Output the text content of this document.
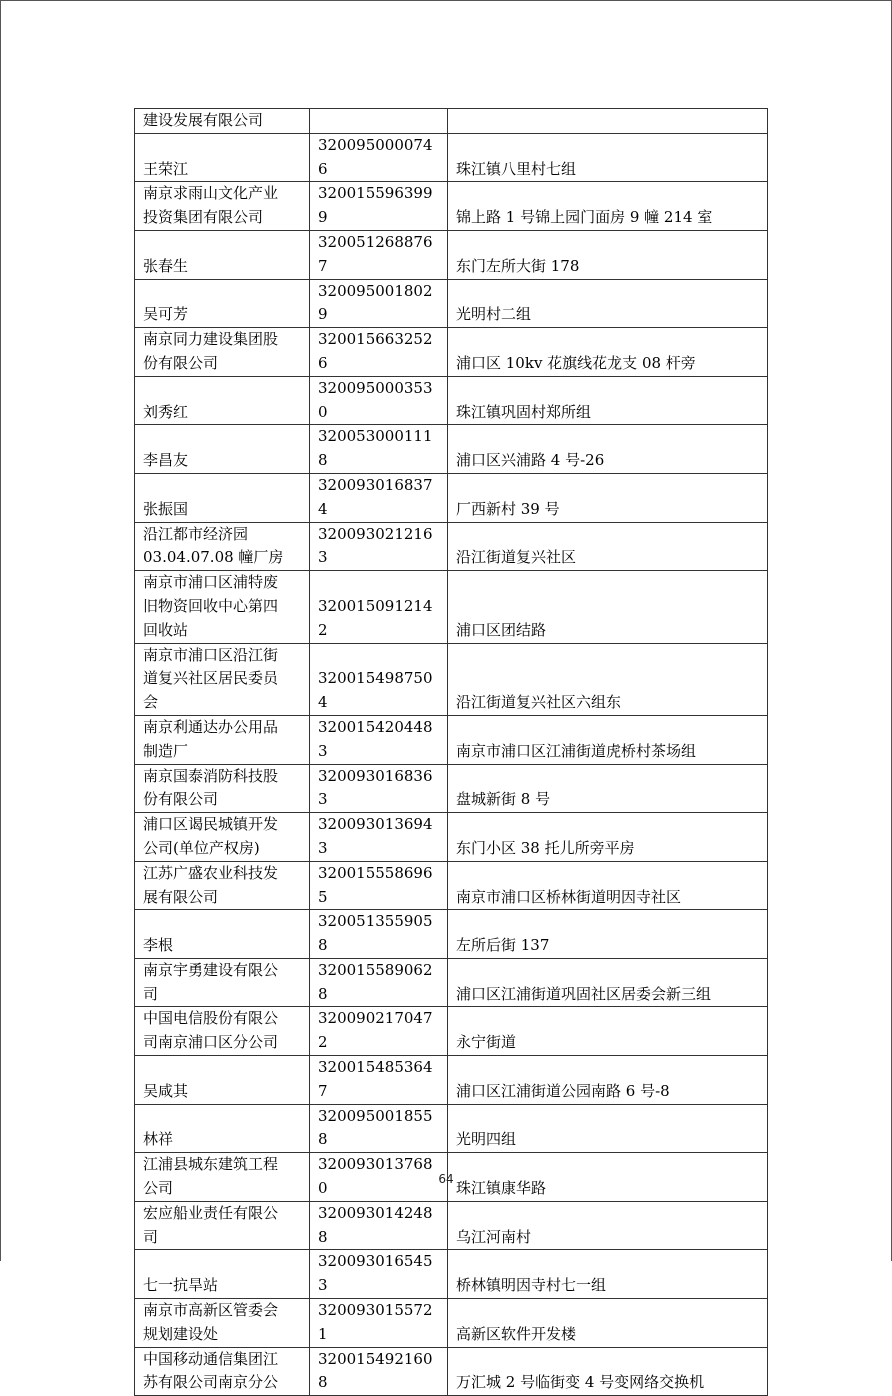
建设发展有限公司		
王荣江	3200950000746	珠江镇八里村七组
南京求雨山文化产业
投资集团有限公司	3200155963999	锦上路 1 号锦上园门面房 9 幢 214 室
张春生	3200512688767	东门左所大街 178
吴可芳	3200950018029	光明村二组
南京同力建设集团股
份有限公司	3200156632526	浦口区 10kv 花旗线花龙支 08 杆旁
刘秀红	3200950003530	珠江镇巩固村郑所组
李昌友	3200530001118	浦口区兴浦路 4 号-26
张振国	3200930168374	厂西新村 39 号
沿江都市经济园
03.04.07.08 幢厂房	3200930212163	沿江街道复兴社区
南京市浦口区浦特废
旧物资回收中心第四
回收站	3200150912142	浦口区团结路
南京市浦口区沿江街
道复兴社区居民委员
会	3200154987504	沿江街道复兴社区六组东
南京利通达办公用品
制造厂	3200154204483	南京市浦口区江浦街道虎桥村茶场组
南京国泰消防科技股
份有限公司	3200930168363	盘城新街 8 号
浦口区谒民城镇开发
公司(单位产权房)	3200930136943	东门小区 38 托儿所旁平房
江苏广盛农业科技发
展有限公司	3200155586965	南京市浦口区桥林街道明因寺社区
李根	3200513559058	左所后街 137
南京宇勇建设有限公
司	3200155890628	浦口区江浦街道巩固社区居委会新三组
中国电信股份有限公
司南京浦口区分公司	3200902170472	永宁街道
吴咸其	3200154853647	浦口区江浦街道公园南路 6 号-8
林祥	3200950018558	光明四组
江浦县城东建筑工程
公司	3200930137680	珠江镇康华路
宏应船业责任有限公
司	3200930142488	乌江河南村
七一抗旱站	3200930165453	桥林镇明因寺村七一组
南京市高新区管委会
规划建设处	3200930155721	高新区软件开发楼
中国移动通信集团江
苏有限公司南京分公	3200154921608	万汇城 2 号临街变 4 号变网络交换机
64
